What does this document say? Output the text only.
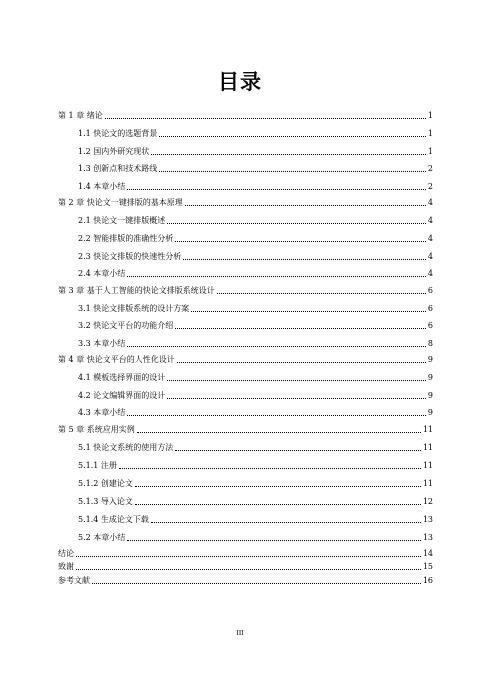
目录
第 1 章 绪论	1
1.1 快论文的选题背景	1
1.2 国内外研究现状	1
1.3 创新点和技术路线	2
1.4 本章小结	2
第 2 章 快论文一键排版的基本原理	4
2.1 快论文一键排版概述	4
2.2 智能排版的准确性分析	4
2.3 快论文排版的快速性分析	4
2.4 本章小结	4
第 3 章 基于人工智能的快论文排版系统设计	6
3.1 快论文排版系统的设计方案	6
3.2 快论文平台的功能介绍	6
3.3 本章小结	8
第 4 章 快论文平台的人性化设计	9
4.1 模板选择界面的设计	9
4.2 论文编辑界面的设计	9
4.3 本章小结	9
第 5 章 系统应用实例	11
5.1 快论文系统的使用方法	11
5.1.1 注册	11
5.1.2 创建论文	11
5.1.3 导入论文	12
5.1.4 生成论文下载	13
5.2 本章小结	13
结论	14
致谢	15
参考文献	16
III
